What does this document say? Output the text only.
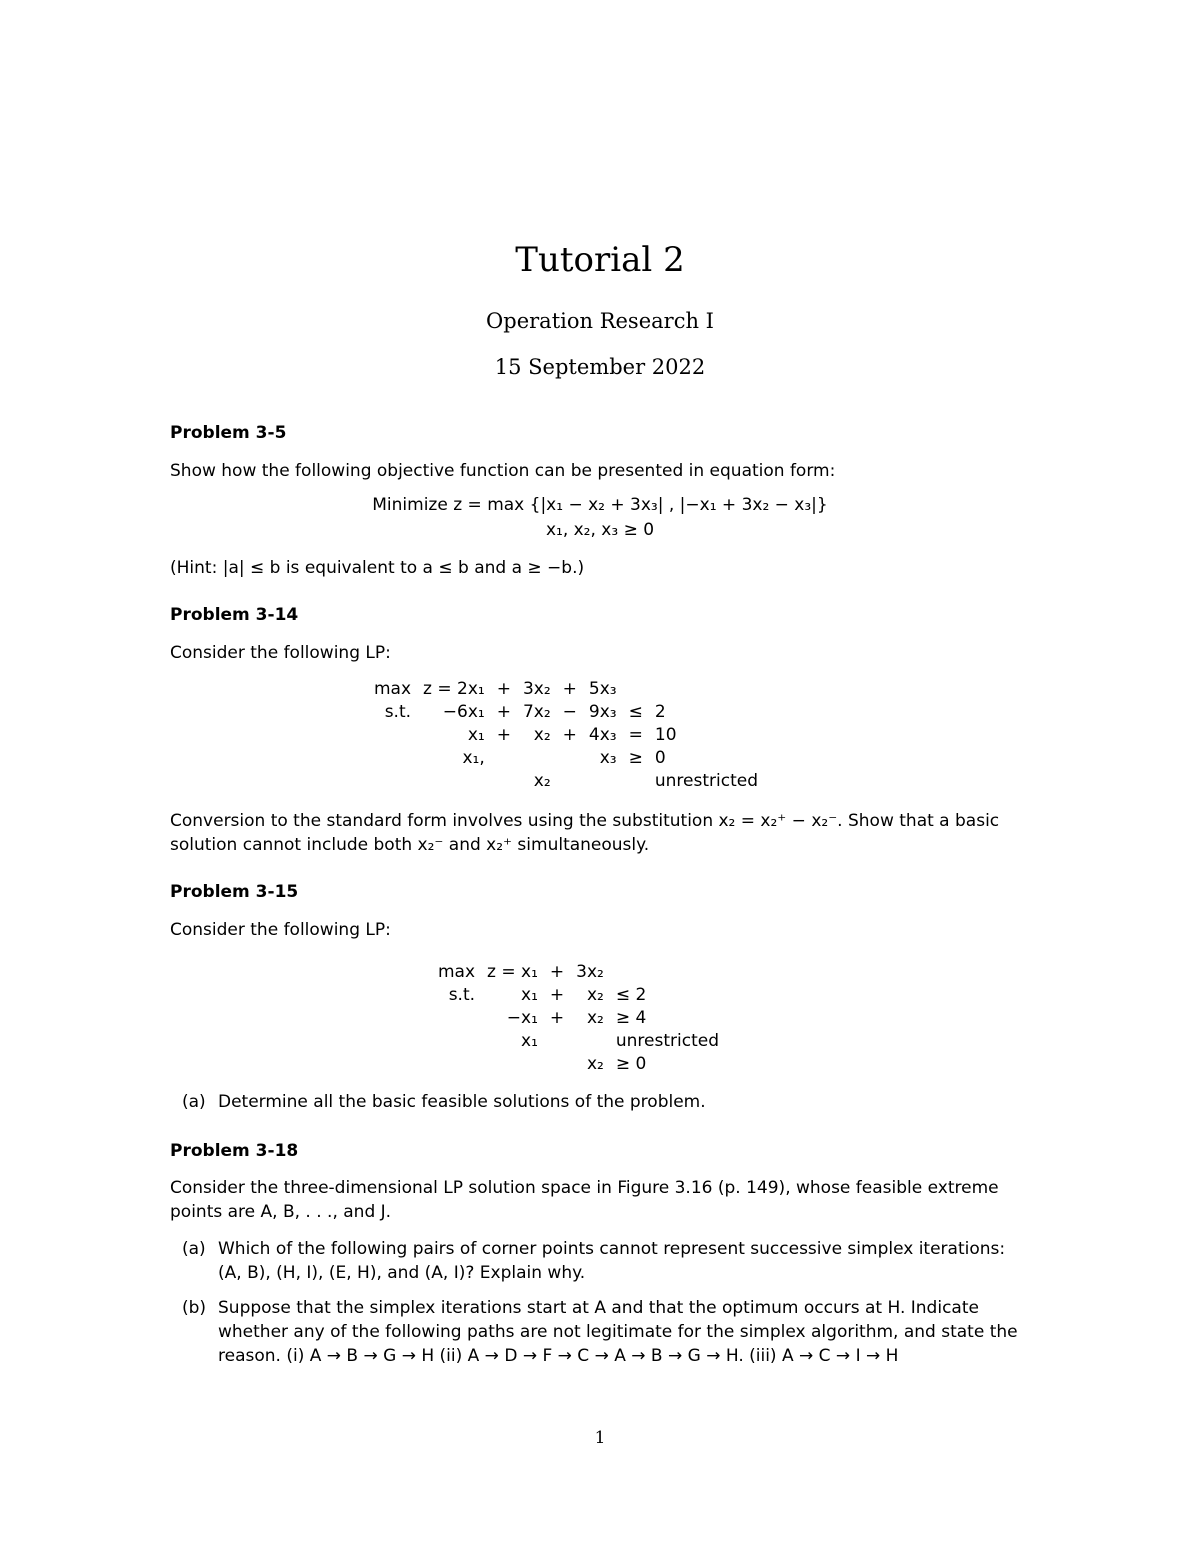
Tutorial 2
Operation Research I
15 September 2022
Problem 3-5
Show how the following objective function can be presented in equation form:
Minimize z = max {|x₁ − x₂ + 3x₃| , |−x₁ + 3x₂ − x₃|}
x₁, x₂, x₃ ≥ 0
(Hint: |a| ≤ b is equivalent to a ≤ b and a ≥ −b.)
Problem 3-14
Consider the following LP:
max	z = 2x₁	+	3x₂	+	5x₃		
s.t.	−6x₁	+	7x₂	−	9x₃	≤	2
	x₁	+	x₂	+	4x₃	=	10
	x₁,				x₃	≥	0
			x₂				unrestricted
Conversion to the standard form involves using the substitution x₂ = x₂⁺ − x₂⁻. Show that a basic solution cannot include both x₂⁻ and x₂⁺ simultaneously.
Problem 3-15
Consider the following LP:
max	z = x₁	+	3x₂	
s.t.	x₁	+	x₂	≤ 2
	−x₁	+	x₂	≥ 4
	x₁			unrestricted
			x₂	≥ 0
(a) Determine all the basic feasible solutions of the problem.
Problem 3-18
Consider the three-dimensional LP solution space in Figure 3.16 (p. 149), whose feasible extreme points are A, B, . . ., and J.
(a) Which of the following pairs of corner points cannot represent successive simplex iterations: (A, B), (H, I), (E, H), and (A, I)? Explain why.
(b) Suppose that the simplex iterations start at A and that the optimum occurs at H. Indicate whether any of the following paths are not legitimate for the simplex algorithm, and state the reason. (i) A → B → G → H (ii) A → D → F → C → A → B → G → H. (iii) A → C → I → H
1
